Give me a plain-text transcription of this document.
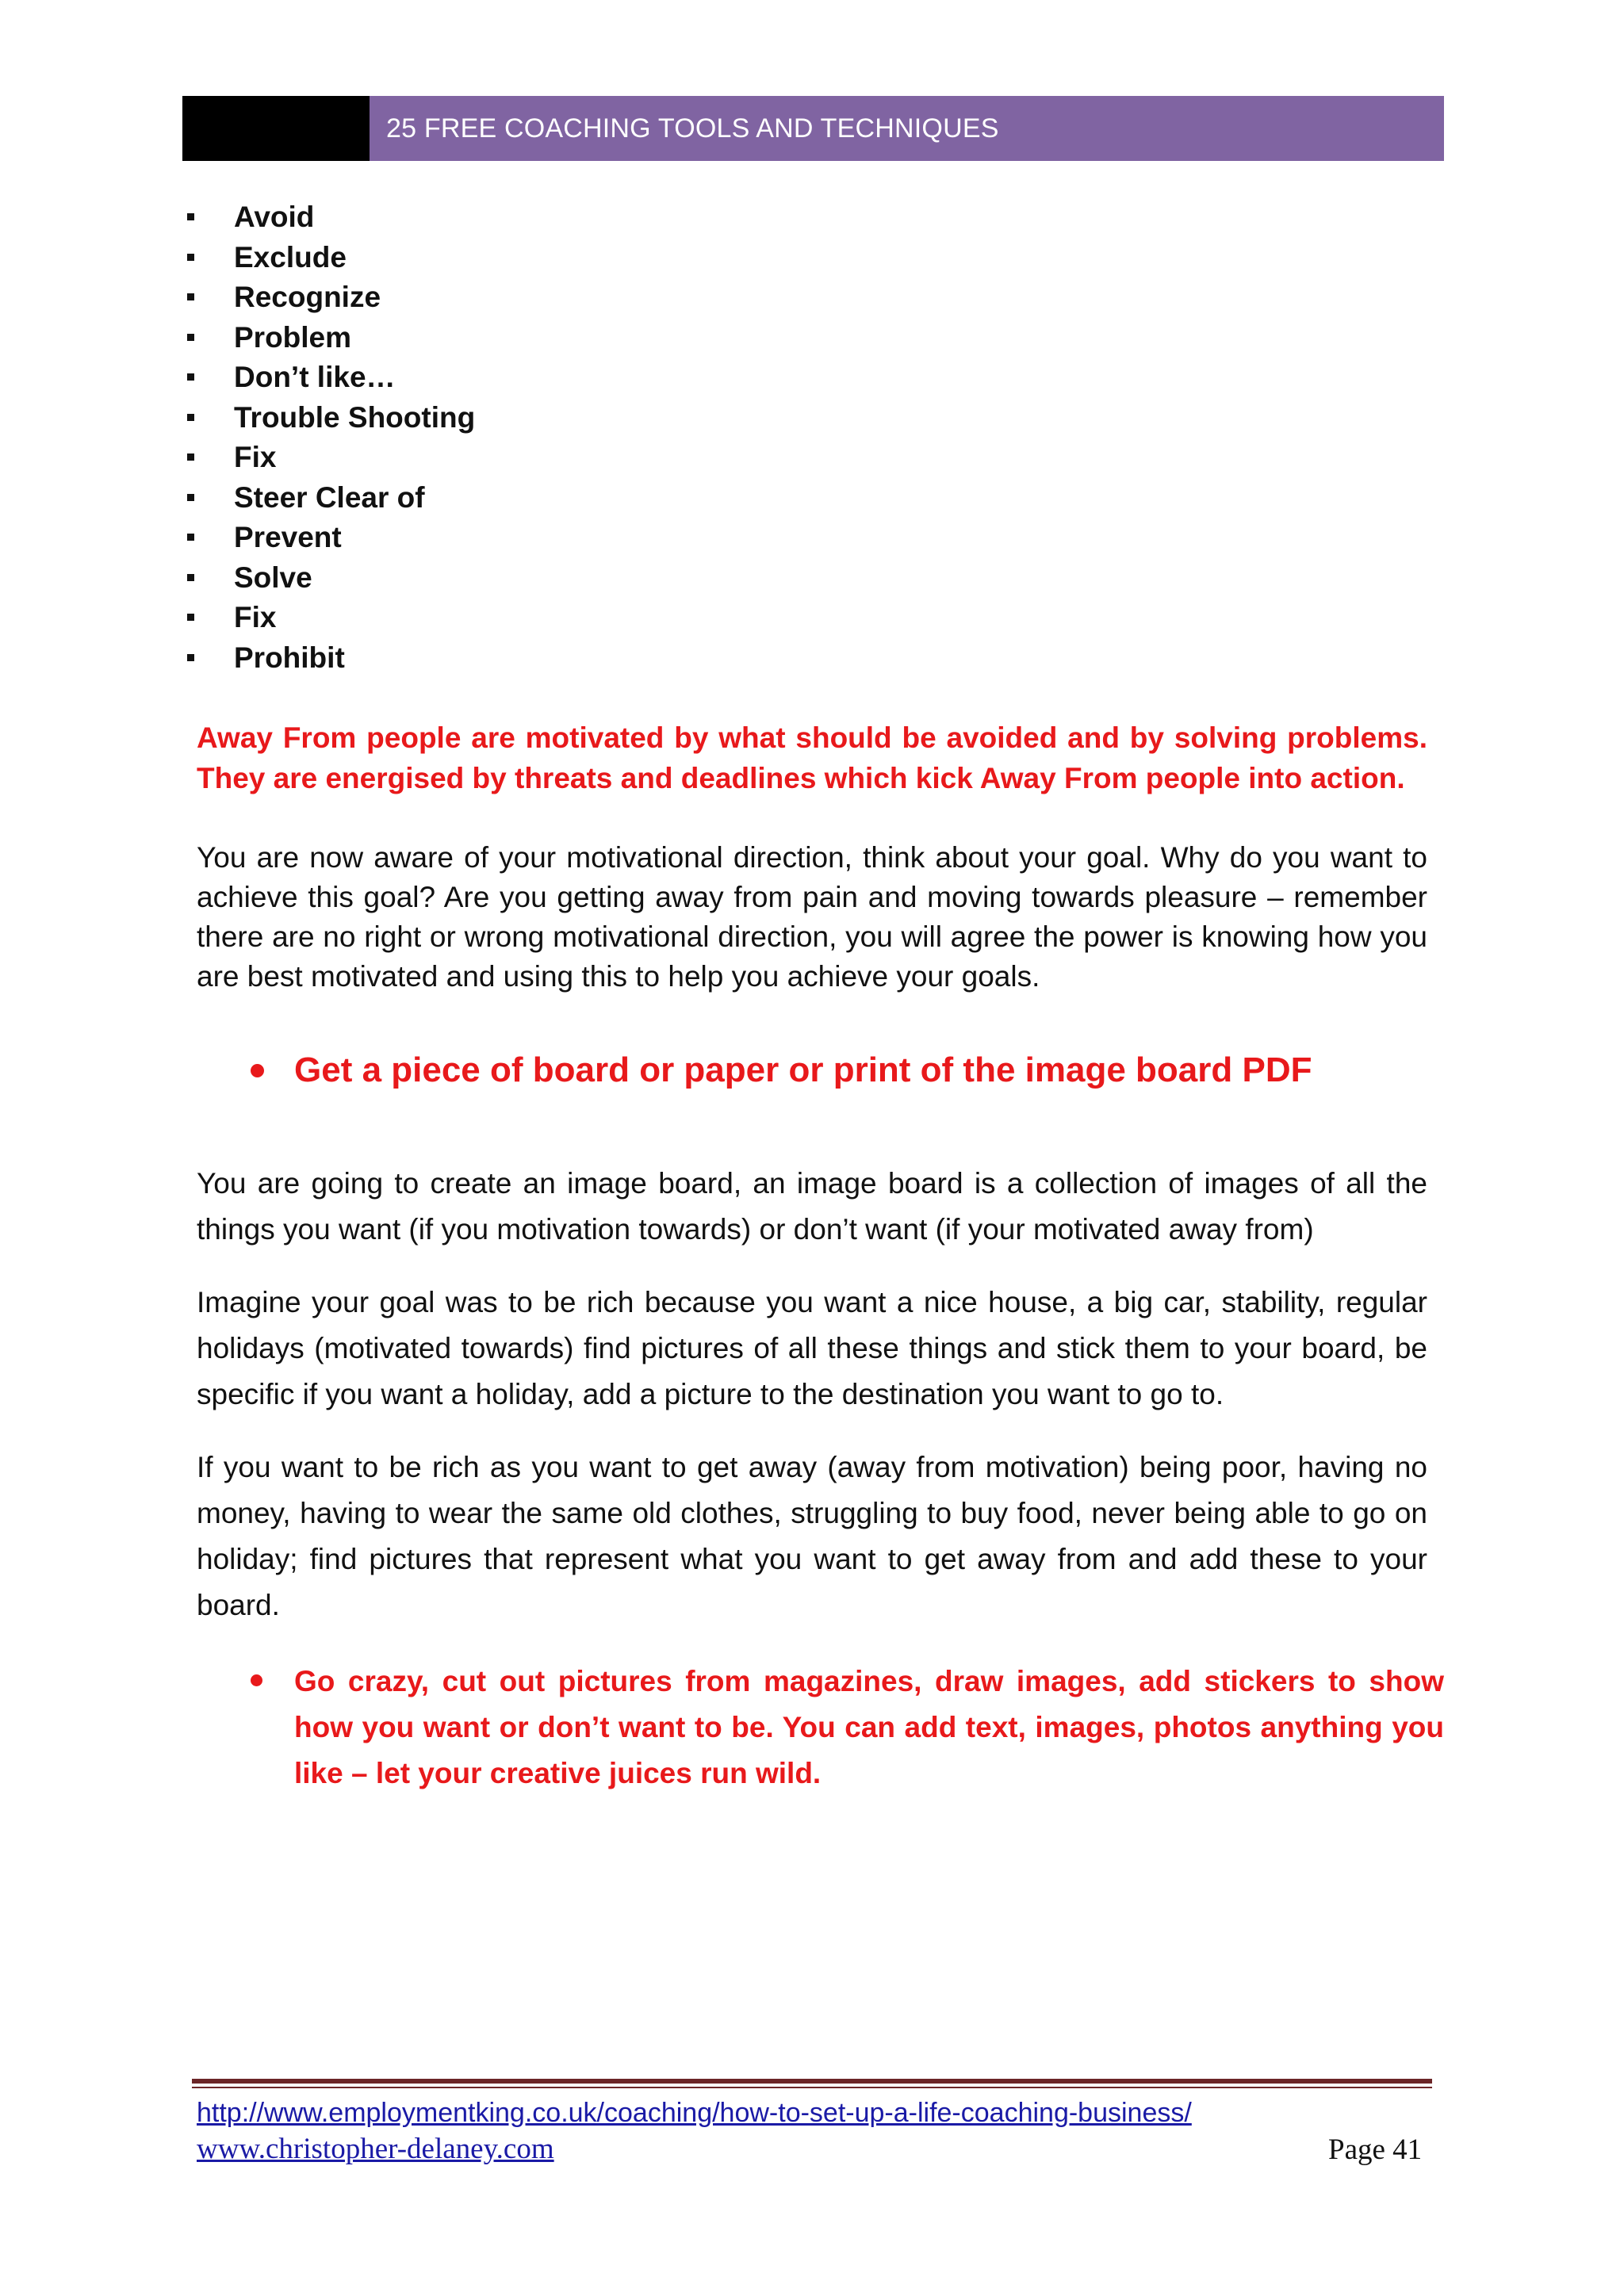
25 FREE COACHING TOOLS AND TECHNIQUES
Avoid
Exclude
Recognize
Problem
Don’t like…
Trouble Shooting
Fix
Steer Clear of
Prevent
Solve
Fix
Prohibit

Away From people are motivated by what should be avoided and by solving problems. They are energised by threats and deadlines which kick Away From people into action.

You are now aware of your motivational direction, think about your goal. Why do you want to achieve this goal? Are you getting away from pain and moving towards pleasure – remember there are no right or wrong motivational direction, you will agree the power is knowing how you are best motivated and using this to help you achieve your goals.

Get a piece of board or paper or print of the image board PDF

You are going to create an image board, an image board is a collection of images of all the things you want (if you motivation towards) or don’t want (if your motivated away from)

Imagine your goal was to be rich because you want a nice house, a big car, stability, regular holidays (motivated towards) find pictures of all these things and stick them to your board, be specific if you want a holiday, add a picture to the destination you want to go to.

If you want to be rich as you want to get away (away from motivation) being poor, having no money, having to wear the same old clothes, struggling to buy food, never being able to go on holiday; find pictures that represent what you want to get away from and add these to your board.

Go crazy, cut out pictures from magazines, draw images, add stickers to show how you want or don’t want to be. You can add text, images, photos anything you like – let your creative juices run wild.

http://www.employmentking.co.uk/coaching/how-to-set-up-a-life-coaching-business/
www.christopher-delaney.com	Page 41
